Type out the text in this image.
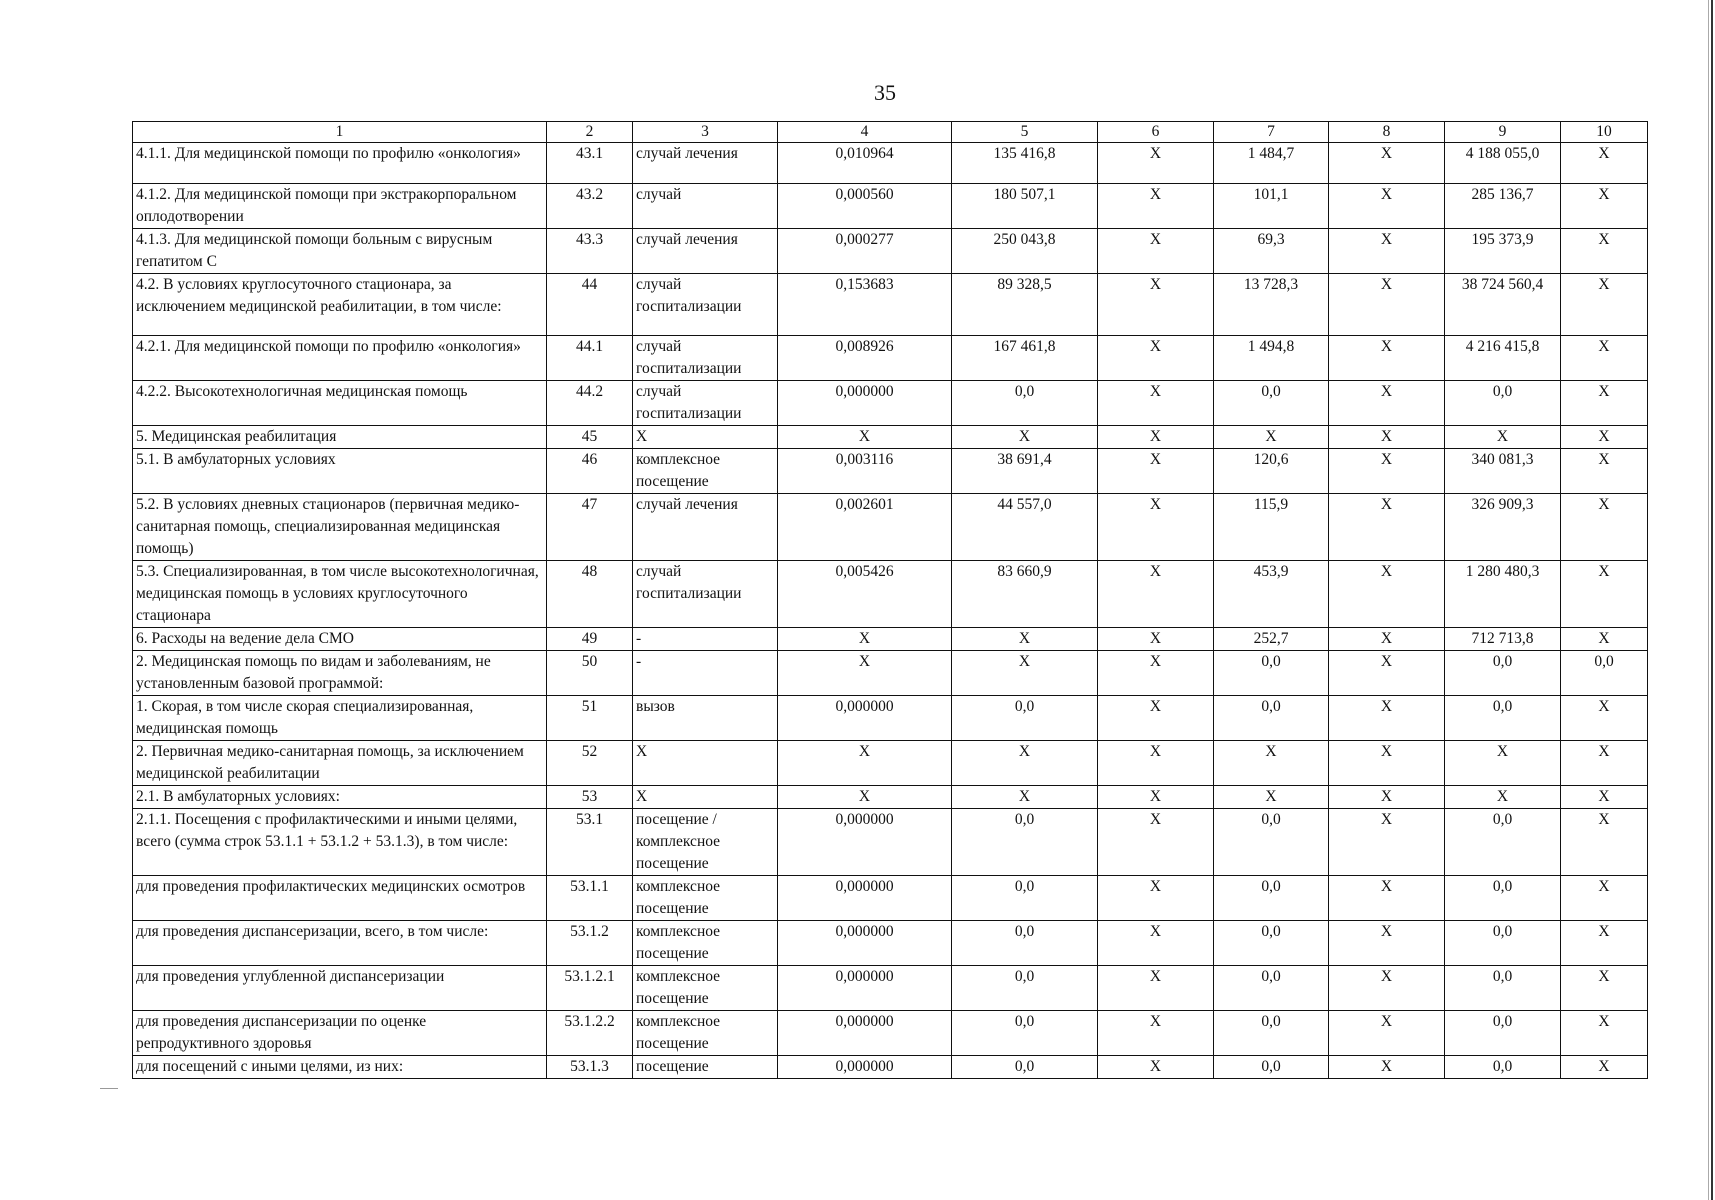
35
1	2	3	4	5	6	7	8	9	10
4.1.1. Для медицинской помощи по профилю «онкология»	43.1	случай лечения	0,010964	135 416,8	X	1 484,7	X	4 188 055,0	X
4.1.2. Для медицинской помощи при экстракорпоральном оплодотворении	43.2	случай	0,000560	180 507,1	X	101,1	X	285 136,7	X
4.1.3. Для медицинской помощи больным с вирусным гепатитом С	43.3	случай лечения	0,000277	250 043,8	X	69,3	X	195 373,9	X
4.2. В условиях круглосуточного стационара, за исключением медицинской реабилитации, в том числе:	44	случай госпитализации	0,153683	89 328,5	X	13 728,3	X	38 724 560,4	X
4.2.1. Для медицинской помощи по профилю «онкология»	44.1	случай госпитализации	0,008926	167 461,8	X	1 494,8	X	4 216 415,8	X
4.2.2. Высокотехнологичная медицинская помощь	44.2	случай госпитализации	0,000000	0,0	X	0,0	X	0,0	X
5. Медицинская реабилитация	45	X	X	X	X	X	X	X	X
5.1. В амбулаторных условиях	46	комплексное посещение	0,003116	38 691,4	X	120,6	X	340 081,3	X
5.2. В условиях дневных стационаров (первичная медико-санитарная помощь, специализированная медицинская помощь)	47	случай лечения	0,002601	44 557,0	X	115,9	X	326 909,3	X
5.3. Специализированная, в том числе высокотехнологичная, медицинская помощь в условиях круглосуточного стационара	48	случай госпитализации	0,005426	83 660,9	X	453,9	X	1 280 480,3	X
6. Расходы на ведение дела СМО	49	-	X	X	X	252,7	X	712 713,8	X
2. Медицинская помощь по видам и заболеваниям, не установленным базовой программой:	50	-	X	X	X	0,0	X	0,0	0,0
1. Скорая, в том числе скорая специализированная, медицинская помощь	51	вызов	0,000000	0,0	X	0,0	X	0,0	X
2. Первичная медико-санитарная помощь, за исключением медицинской реабилитации	52	X	X	X	X	X	X	X	X
2.1. В амбулаторных условиях:	53	X	X	X	X	X	X	X	X
2.1.1. Посещения с профилактическими и иными целями, всего (сумма строк 53.1.1 + 53.1.2 + 53.1.3), в том числе:	53.1	посещение / комплексное посещение	0,000000	0,0	X	0,0	X	0,0	X
для проведения профилактических медицинских осмотров	53.1.1	комплексное посещение	0,000000	0,0	X	0,0	X	0,0	X
для проведения диспансеризации, всего, в том числе:	53.1.2	комплексное посещение	0,000000	0,0	X	0,0	X	0,0	X
для проведения углубленной диспансеризации	53.1.2.1	комплексное посещение	0,000000	0,0	X	0,0	X	0,0	X
для проведения диспансеризации по оценке репродуктивного здоровья	53.1.2.2	комплексное посещение	0,000000	0,0	X	0,0	X	0,0	X
для посещений с иными целями, из них:	53.1.3	посещение	0,000000	0,0	X	0,0	X	0,0	X
